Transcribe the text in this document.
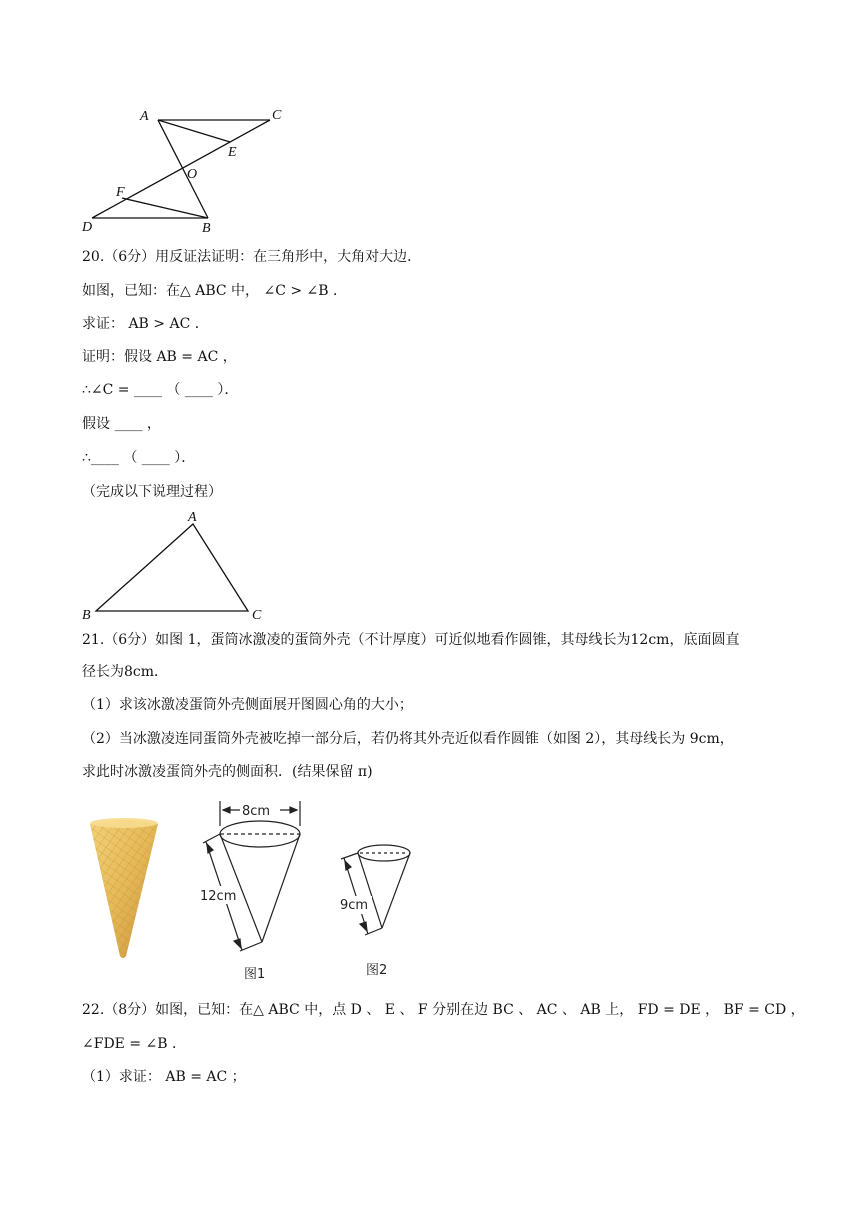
A	C
E
O
F
D	B
20.（6分）用反证法证明：在三角形中，大角对大边．
如图，已知：在△ ABC 中， ∠C > ∠B ．
求证： AB > AC ．
证明：假设 AB = AC ，
∴∠C = ____ （ ____ ）．
假设 ____ ，
∴____ （ ____ ）．
（完成以下说理过程）
A
B	C
21.（6分）如图 1，蛋筒冰激凌的蛋筒外壳（不计厚度）可近似地看作圆锥，其母线长为12cm，底面圆直
径长为8cm．
（1）求该冰激凌蛋筒外壳侧面展开图圆心角的大小；
（2）当冰激凌连同蛋筒外壳被吃掉一部分后，若仍将其外壳近似看作圆锥（如图 2），其母线长为 9cm，
求此时冰激凌蛋筒外壳的侧面积．(结果保留 π)
8cm
12cm
图1
9cm
图2
22.（8分）如图，已知：在△ ABC 中，点 D 、 E 、 F 分别在边 BC 、 AC 、 AB 上， FD = DE ， BF = CD ，
∠FDE = ∠B ．
（1）求证： AB = AC ；
